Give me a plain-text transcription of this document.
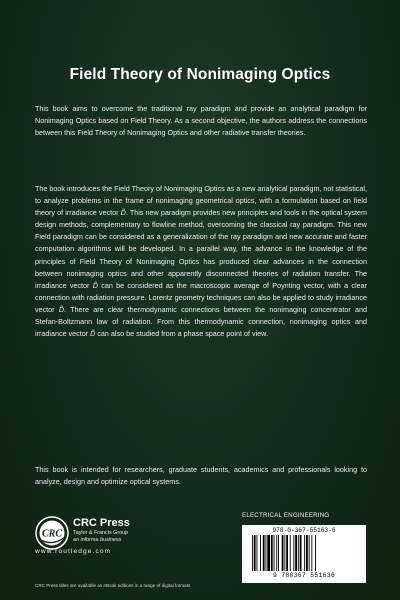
Field Theory of Nonimaging Optics

This book aims to overcome the traditional ray paradigm and provide an analytical paradigm for Nonimaging Optics based on Field Theory. As a second objective, the authors address the connections between this Field Theory of Nonimaging Optics and other radiative transfer theories.

The book introduces the Field Theory of Nonimaging Optics as a new analytical paradigm, not statistical, to analyze problems in the frame of nonimaging geometrical optics, with a formulation based on field theory of irradiance vector D̃. This new paradigm provides new principles and tools in the optical system design methods, complementary to flowline method, overcoming the classical ray paradigm. This new Field paradigm can be considered as a generalization of the ray paradigm and new accurate and faster computation algorithms will be developed. In a parallel way, the advance in the knowledge of the principles of Field Theory of Nonimaging Optics has produced clear advances in the connection between nonimaging optics and other apparently disconnected theories of radiation transfer. The irradiance vector D̃ can be considered as the macroscopic average of Poynting vector, with a clear connection with radiation pressure. Lorentz geometry techniques can also be applied to study irradiance vector D̃. There are clear thermodynamic connections between the nonimaging concentrator and Stefan-Boltzmann law of radiation. From this thermodynamic connection, nonimaging optics and irradiance vector D̃ can also be studied from a phase space point of view.

This book is intended for researchers, graduate students, academics and professionals looking to analyze, design and optimize optical systems.

CRC
CRC Press
Taylor & Francis Group
an informa business
www.routledge.com
CRC Press titles are available as eBook editions in a range of digital formats
ELECTRICAL ENGINEERING
978-0-367-55163-6
9 780367 551636
